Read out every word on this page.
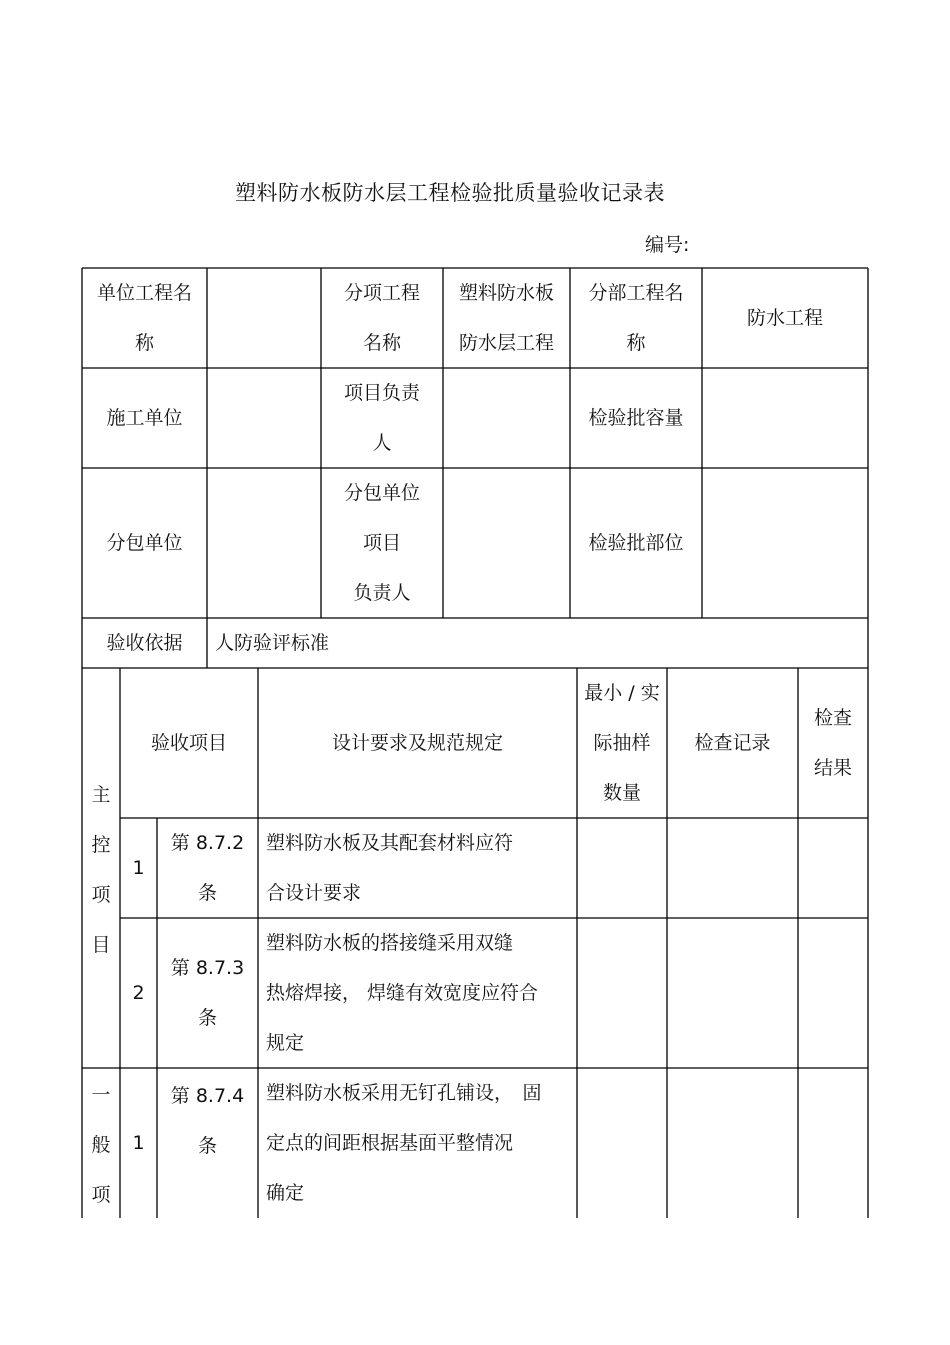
塑料防水板防水层工程检验批质量验收记录表
编号:
单位工程名
称
分项工程
名称
塑料防水板
防水层工程
分部工程名
称
防水工程
施工单位
项目负责
人
检验批容量
分包单位
分包单位
项目
负责人
检验批部位
验收依据	人防验评标准
验收项目	设计要求及规范规定
最小 / 实
际抽样
数量
检查记录
检查
结果
主
控
项
目
1
第 8.7.2
条
塑料防水板及其配套材料应符
合设计要求
2
第 8.7.3
条
塑料防水板的搭接缝采用双缝
热熔焊接， 焊缝有效宽度应符合
规定
一
般
项
1
第 8.7.4
条
塑料防水板采用无钉孔铺设，　固
定点的间距根据基面平整情况
确定
